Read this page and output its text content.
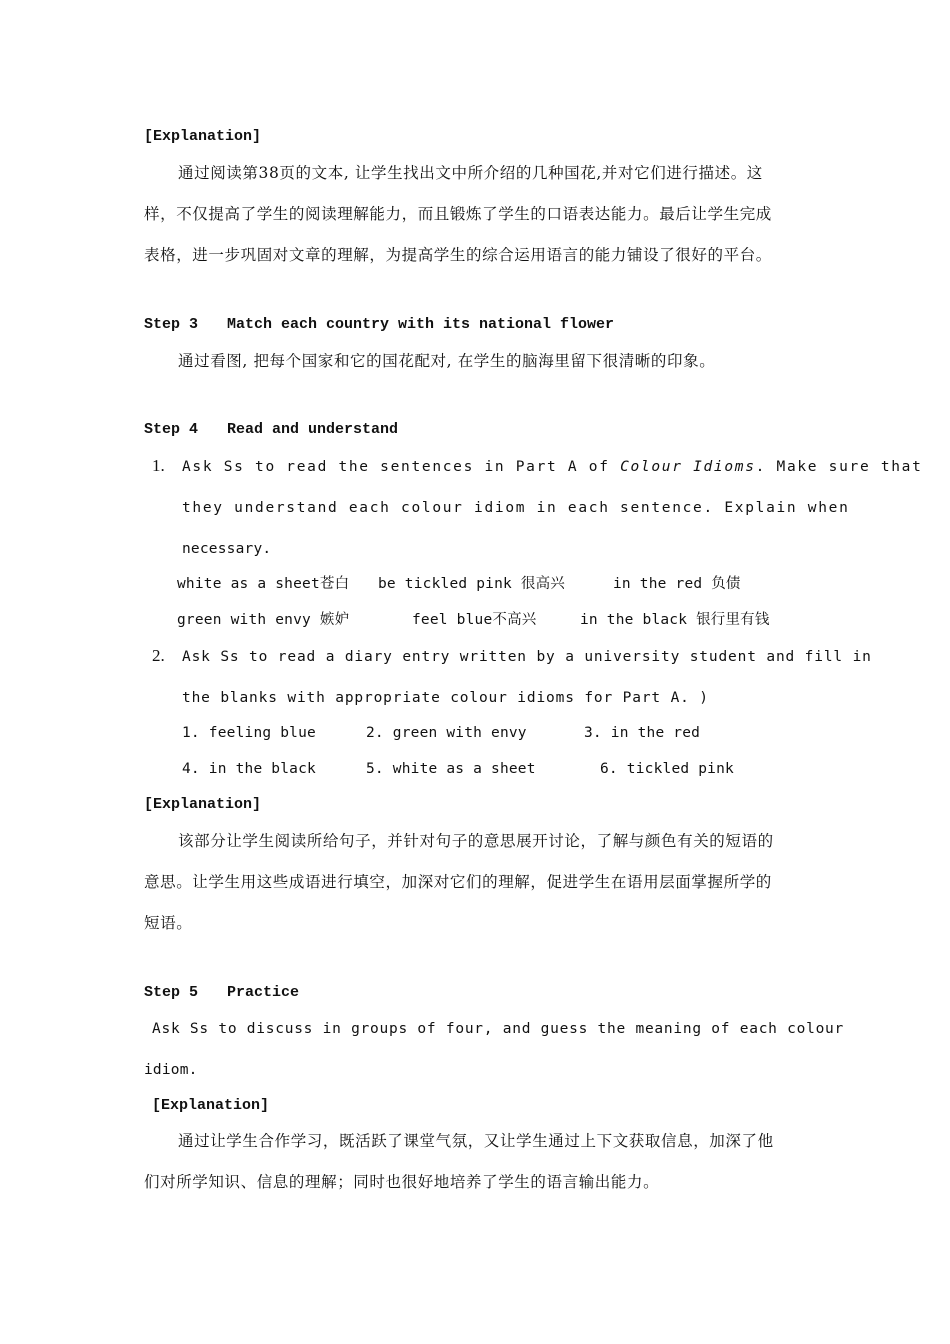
[Explanation]
通过阅读第38页的文本, 让学生找出文中所介绍的几种国花,并对它们进行描述。这
样，不仅提高了学生的阅读理解能力，而且锻炼了学生的口语表达能力。最后让学生完成
表格，进一步巩固对文章的理解，为提高学生的综合运用语言的能力铺设了很好的平台。
Step 3 Match each country with its national flower
通过看图, 把每个国家和它的国花配对, 在学生的脑海里留下很清晰的印象。
Step 4 Read and understand
1. Ask Ss to read the sentences in Part A of Colour Idioms. Make sure that
they understand each colour idiom in each sentence. Explain when
necessary.
white as a sheet苍白 be tickled pink 很高兴	in the red 负债
green with envy 嫉妒	feel blue不高兴	in the black 银行里有钱
2. Ask Ss to read a diary entry written by a university student and fill in
the blanks with appropriate colour idioms for Part A. )
1. feeling blue	2. green with envy	3. in the red
4. in the black	5. white as a sheet	6. tickled pink
[Explanation]
该部分让学生阅读所给句子，并针对句子的意思展开讨论，了解与颜色有关的短语的
意思。让学生用这些成语进行填空，加深对它们的理解，促进学生在语用层面掌握所学的
短语。
Step 5 Practice
Ask Ss to discuss in groups of four, and guess the meaning of each colour
idiom.
[Explanation]
通过让学生合作学习，既活跃了课堂气氛，又让学生通过上下文获取信息，加深了他
们对所学知识、信息的理解；同时也很好地培养了学生的语言输出能力。
